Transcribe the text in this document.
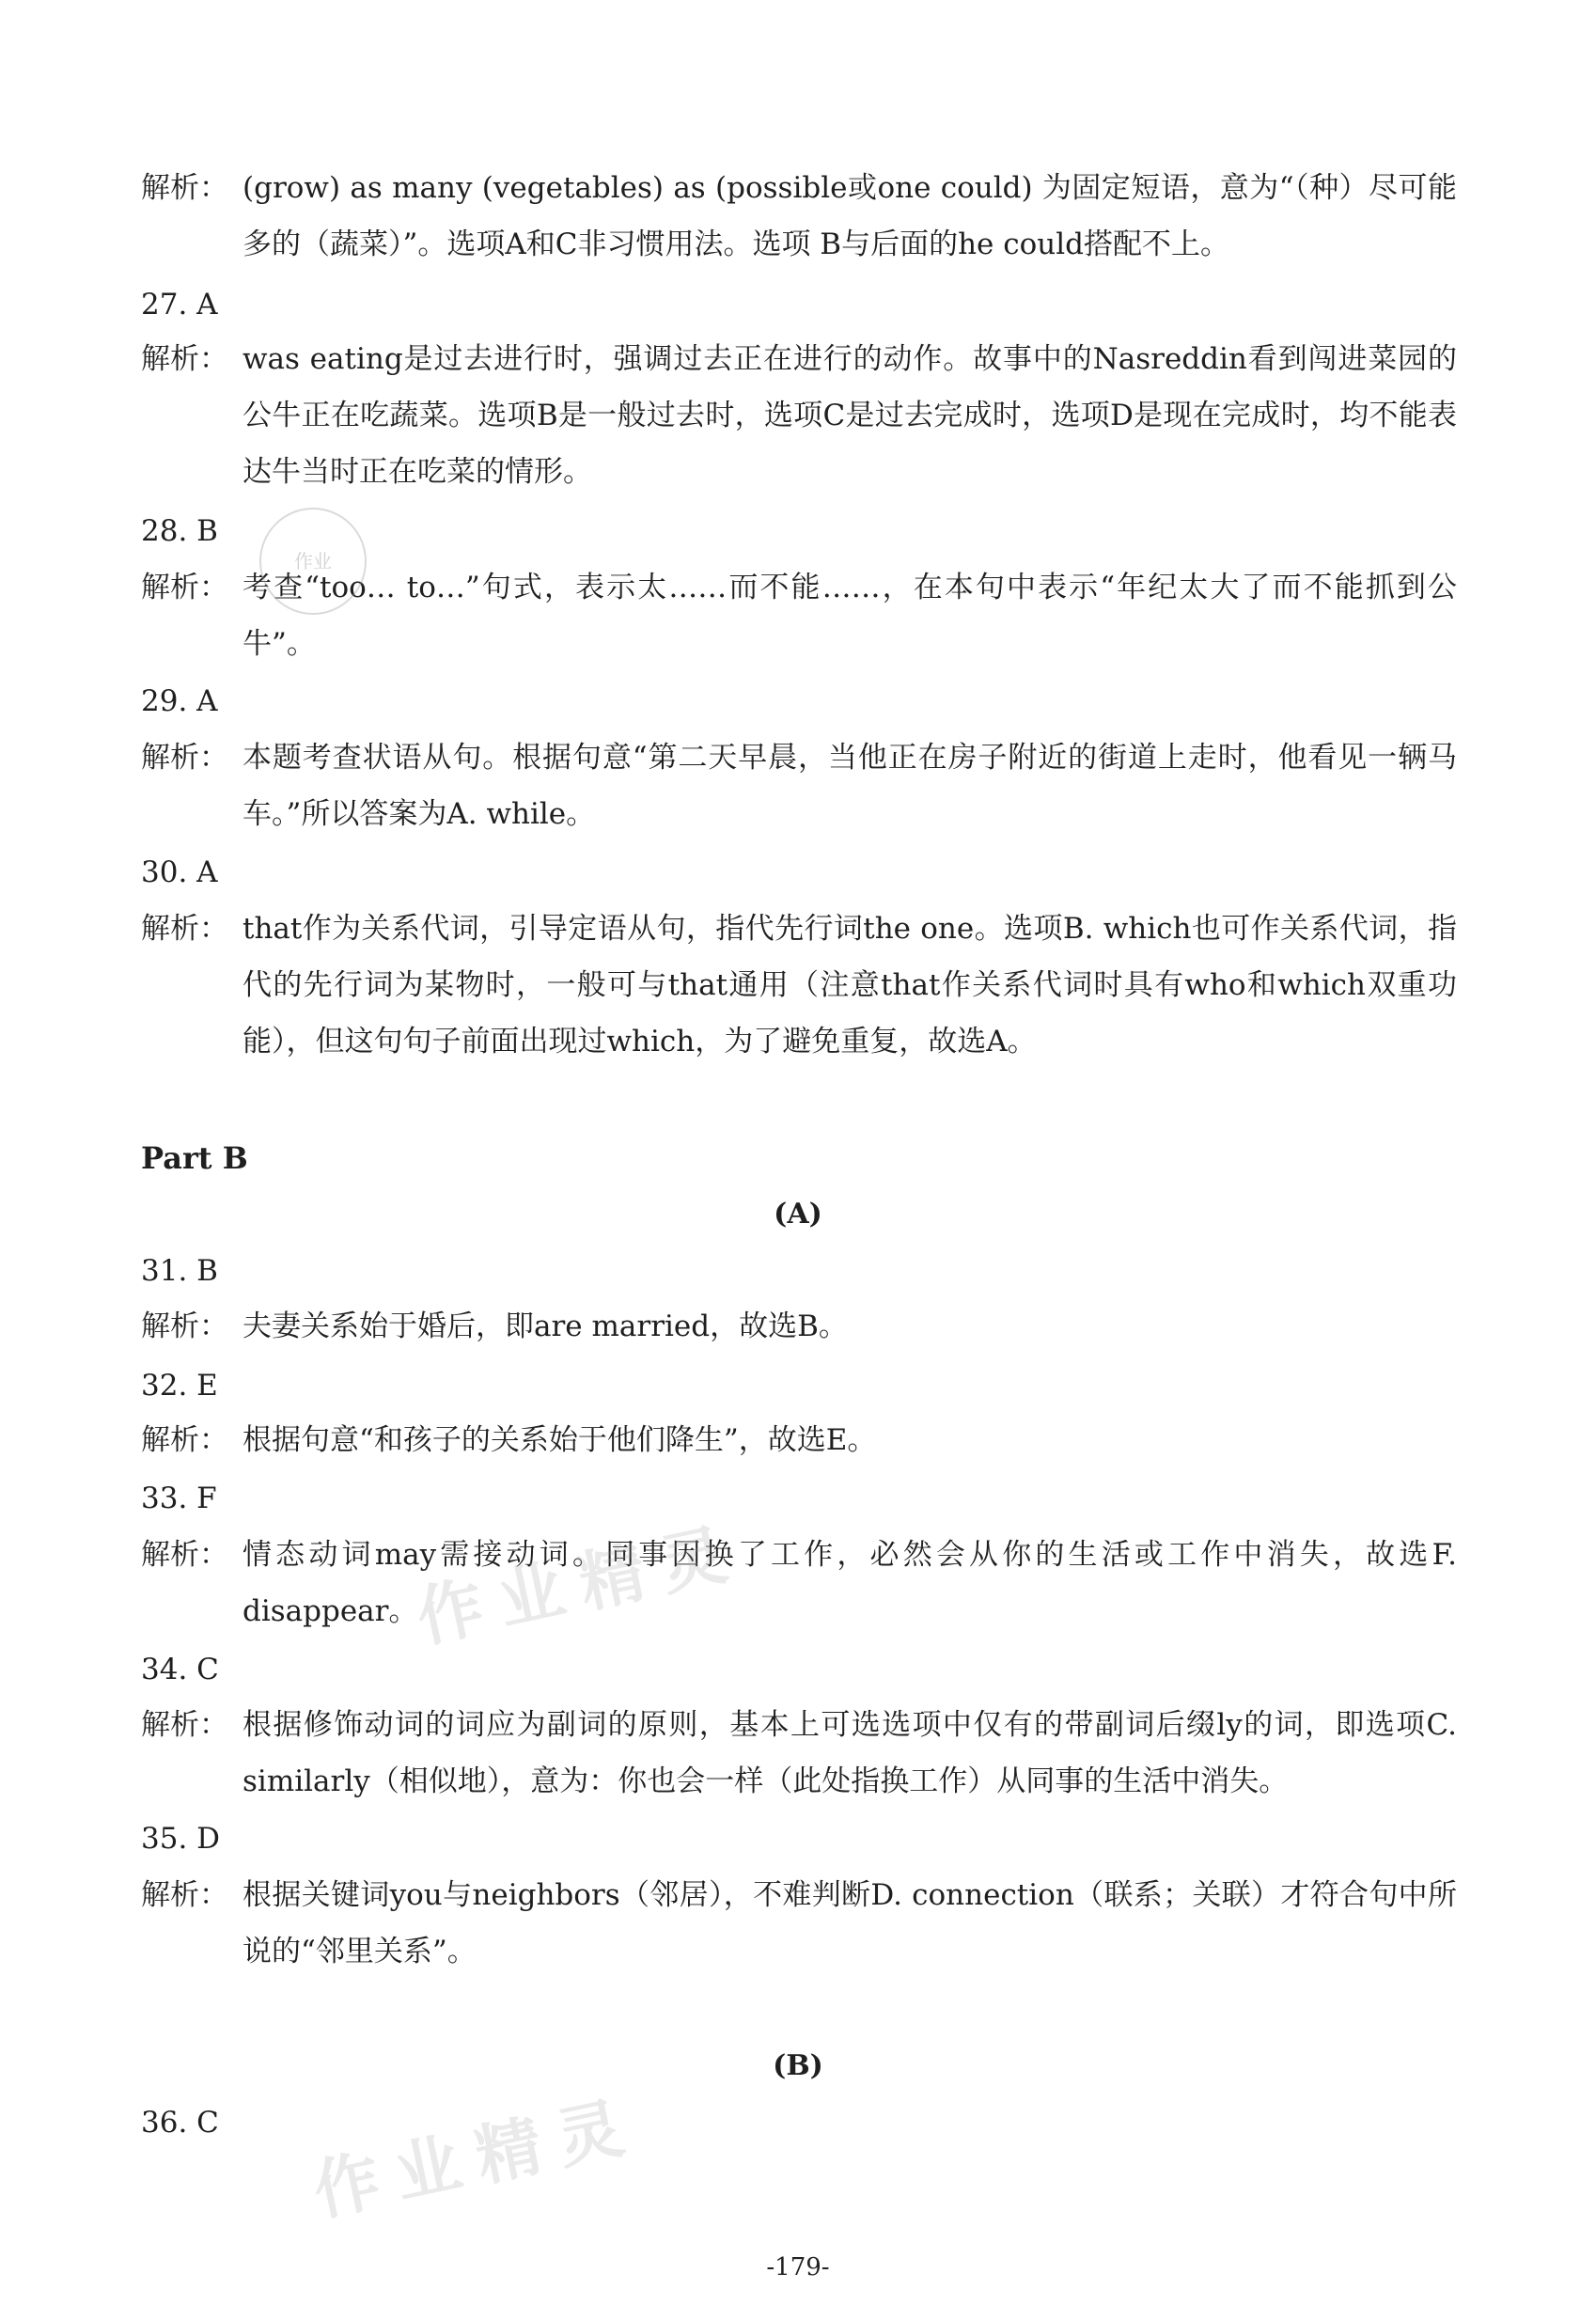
解析： (grow) as many (vegetables) as (possible或one could) 为固定短语，意为“（种）尽可能多的（蔬菜）”。选项A和C非习惯用法。选项 B与后面的he could搭配不上。
27. A
解析： was eating是过去进行时，强调过去正在进行的动作。故事中的Nasreddin看到闯进菜园的公牛正在吃蔬菜。选项B是一般过去时，选项C是过去完成时，选项D是现在完成时，均不能表达牛当时正在吃菜的情形。
28. B
解析： 考查“too… to…”句式，表示太……而不能……，在本句中表示“年纪太大了而不能抓到公牛”。
29. A
解析： 本题考查状语从句。根据句意“第二天早晨，当他正在房子附近的街道上走时，他看见一辆马车。”所以答案为A. while。
30. A
解析： that作为关系代词，引导定语从句，指代先行词the one。选项B. which也可作关系代词，指代的先行词为某物时，一般可与that通用（注意that作关系代词时具有who和which双重功能），但这句句子前面出现过which，为了避免重复，故选A。
Part B
(A)
31. B
解析： 夫妻关系始于婚后，即are married，故选B。
32. E
解析： 根据句意“和孩子的关系始于他们降生”，故选E。
33. F
解析： 情态动词may需接动词。同事因换了工作，必然会从你的生活或工作中消失，故选F. disappear。
34. C
解析： 根据修饰动词的词应为副词的原则，基本上可选选项中仅有的带副词后缀ly的词，即选项C. similarly（相似地），意为：你也会一样（此处指换工作）从同事的生活中消失。
35. D
解析： 根据关键词you与neighbors（邻居），不难判断D. connection（联系；关联）才符合句中所说的“邻里关系”。
(B)
36. C
-179-
作业精灵
作业精灵
作业
